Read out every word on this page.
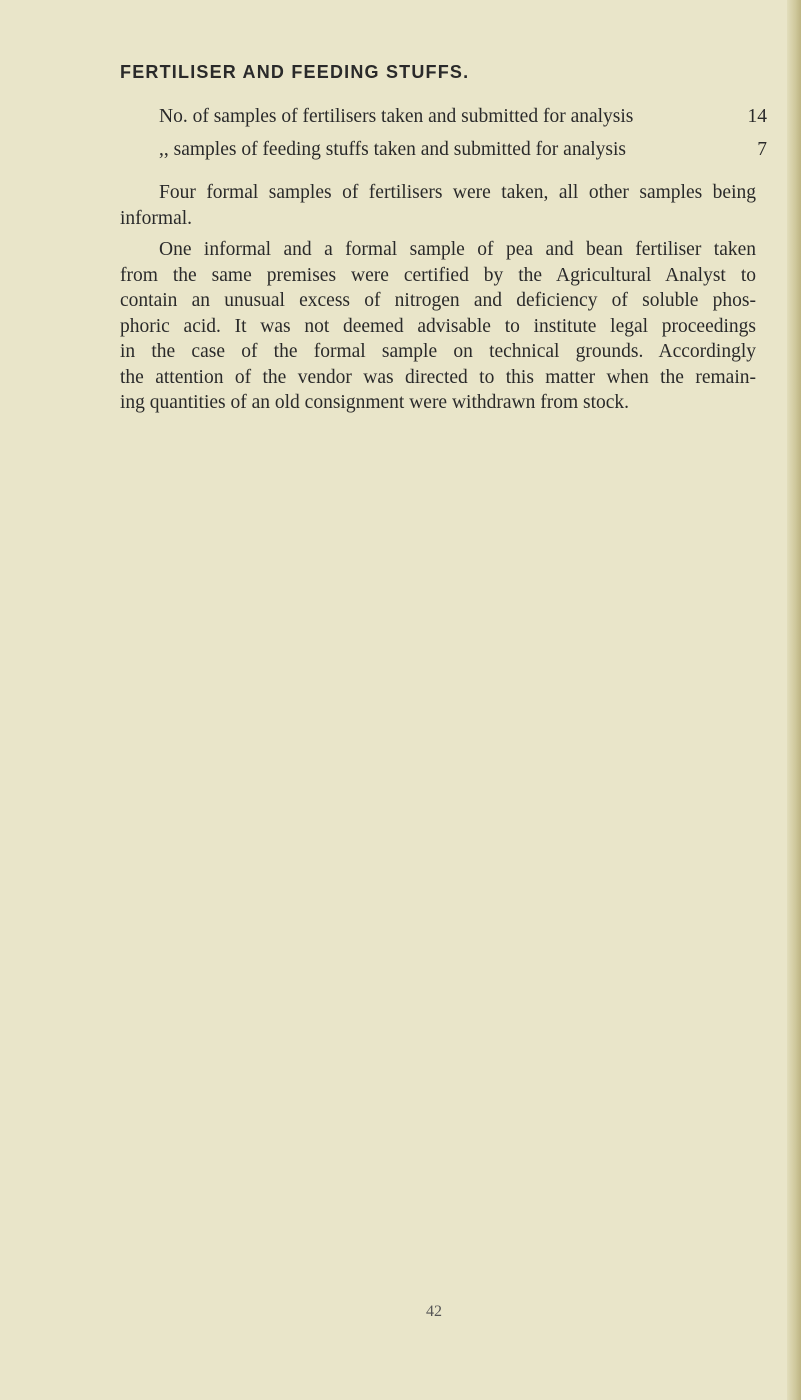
FERTILISER AND FEEDING STUFFS.
No. of samples of fertilisers taken and submitted for analysis	14
,, samples of feeding stuffs taken and submitted for analysis	7

Four formal samples of fertilisers were taken, all other samples being
informal.

One informal and a formal sample of pea and bean fertiliser taken
from the same premises were certified by the Agricultural Analyst to
contain an unusual excess of nitrogen and deficiency of soluble phos-
phoric acid. It was not deemed advisable to institute legal proceedings
in the case of the formal sample on technical grounds. Accordingly
the attention of the vendor was directed to this matter when the remain-
ing quantities of an old consignment were withdrawn from stock.

42
